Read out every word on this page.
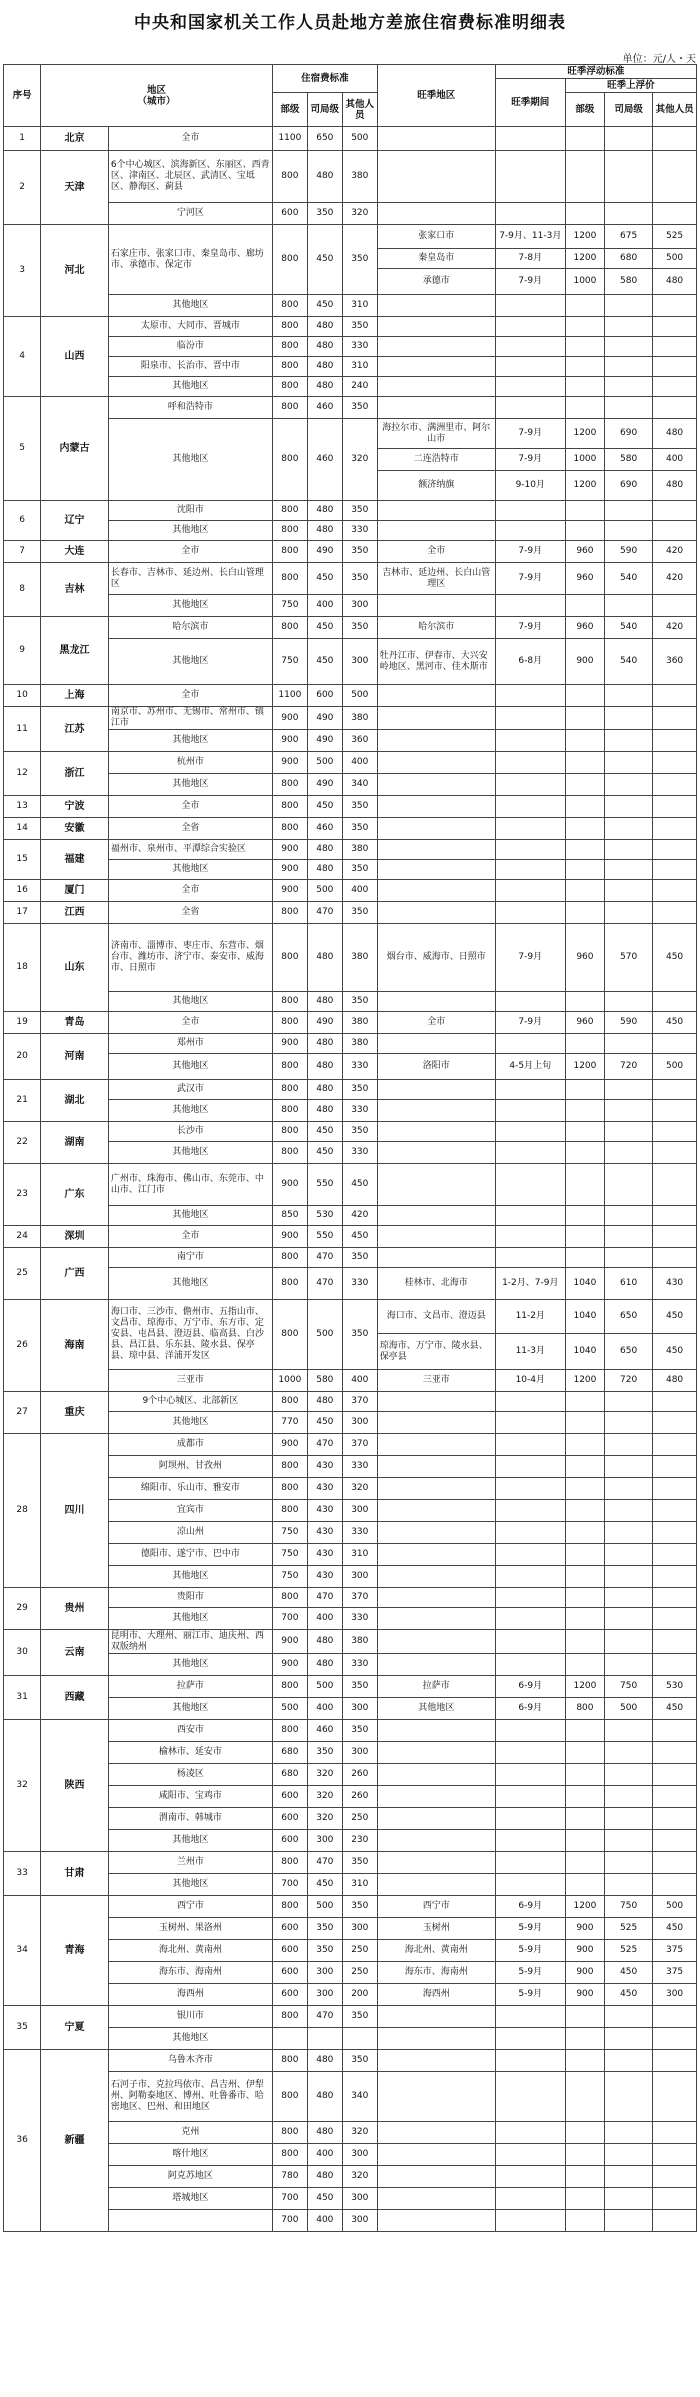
中央和国家机关工作人员赴地方差旅住宿费标准明细表
单位：元/人・天
序号	地区
（城市）		住宿费标准			旺季地区	旺季浮动标准			
							旺季期间	旺季上浮价		
			部级	司局级	其他人员			部级	司局级	其他人员
1	北京	全市	1100	650	500					
2	天津	6个中心城区、滨海新区、东丽区、西青区、津南区、北辰区、武清区、宝坻区、静海区、蓟县	800	480	380					
		宁河区	600	350	320					
3	河北	石家庄市、张家口市、秦皇岛市、廊坊市、承德市、保定市	800	450	350	张家口市	7-9月、11-3月	1200	675	525
						秦皇岛市	7-8月	1200	680	500
						承德市	7-9月	1000	580	480
		其他地区	800	450	310					
4	山西	太原市、大同市、晋城市	800	480	350					
		临汾市	800	480	330					
		阳泉市、长治市、晋中市	800	480	310					
		其他地区	800	480	240					
5	内蒙古	呼和浩特市	800	460	350					
		其他地区	800	460	320	海拉尔市、满洲里市、阿尔山市	7-9月	1200	690	480
						二连浩特市	7-9月	1000	580	400
						额济纳旗	9-10月	1200	690	480
6	辽宁	沈阳市	800	480	350					
		其他地区	800	480	330					
7	大连	全市	800	490	350	全市	7-9月	960	590	420
8	吉林	长春市、吉林市、延边州、长白山管理区	800	450	350	吉林市、延边州、长白山管理区	7-9月	960	540	420
		其他地区	750	400	300					
9	黑龙江	哈尔滨市	800	450	350	哈尔滨市	7-9月	960	540	420
		其他地区	750	450	300	牡丹江市、伊春市、大兴安岭地区、黑河市、佳木斯市	6-8月	900	540	360
10	上海	全市	1100	600	500					
11	江苏	南京市、苏州市、无锡市、常州市、镇江市	900	490	380					
		其他地区	900	490	360					
12	浙江	杭州市	900	500	400					
		其他地区	800	490	340					
13	宁波	全市	800	450	350					
14	安徽	全省	800	460	350					
15	福建	福州市、泉州市、平潭综合实验区	900	480	380					
		其他地区	900	480	350					
16	厦门	全市	900	500	400					
17	江西	全省	800	470	350					
18	山东	济南市、淄博市、枣庄市、东营市、烟台市、潍坊市、济宁市、泰安市、威海市、日照市	800	480	380	烟台市、威海市、日照市	7-9月	960	570	450
		其他地区	800	480	350					
19	青岛	全市	800	490	380	全市	7-9月	960	590	450
20	河南	郑州市	900	480	380					
		其他地区	800	480	330	洛阳市	4-5月上旬	1200	720	500
21	湖北	武汉市	800	480	350					
		其他地区	800	480	330					
22	湖南	长沙市	800	450	350					
		其他地区	800	450	330					
23	广东	广州市、珠海市、佛山市、东莞市、中山市、江门市	900	550	450					
		其他地区	850	530	420					
24	深圳	全市	900	550	450					
25	广西	南宁市	800	470	350					
		其他地区	800	470	330	桂林市、北海市	1-2月、7-9月	1040	610	430
26	海南	海口市、三沙市、儋州市、五指山市、文昌市、琼海市、万宁市、东方市、定安县、屯昌县、澄迈县、临高县、白沙县、昌江县、乐东县、陵水县、保亭县、琼中县、洋浦开发区	800	500	350	海口市、文昌市、澄迈县	11-2月	1040	650	450
						琼海市、万宁市、陵水县、保亭县	11-3月	1040	650	450
		三亚市	1000	580	400	三亚市	10-4月	1200	720	480
27	重庆	9个中心城区、北部新区	800	480	370					
		其他地区	770	450	300					
28	四川	成都市	900	470	370					
		阿坝州、甘孜州	800	430	330					
		绵阳市、乐山市、雅安市	800	430	320					
		宜宾市	800	430	300					
		凉山州	750	430	330					
		德阳市、遂宁市、巴中市	750	430	310					
		其他地区	750	430	300					
29	贵州	贵阳市	800	470	370					
		其他地区	700	400	330					
30	云南	昆明市、大理州、丽江市、迪庆州、西双版纳州	900	480	380					
		其他地区	900	480	330					
31	西藏	拉萨市	800	500	350	拉萨市	6-9月	1200	750	530
		其他地区	500	400	300	其他地区	6-9月	800	500	450
32	陕西	西安市	800	460	350					
		榆林市、延安市	680	350	300					
		杨凌区	680	320	260					
		咸阳市、宝鸡市	600	320	260					
		渭南市、韩城市	600	320	250					
		其他地区	600	300	230					
33	甘肃	兰州市	800	470	350					
		其他地区	700	450	310					
34	青海	西宁市	800	500	350	西宁市	6-9月	1200	750	500
		玉树州、果洛州	600	350	300	玉树州	5-9月	900	525	450
		海北州、黄南州	600	350	250	海北州、黄南州	5-9月	900	525	375
		海东市、海南州	600	300	250	海东市、海南州	5-9月	900	450	375
		海西州	600	300	200	海西州	5-9月	900	450	300
35	宁夏	银川市	800	470	350					
		其他地区								
36	新疆	乌鲁木齐市	800	480	350					
		石河子市、克拉玛依市、昌吉州、伊犁州、阿勒泰地区、博州、吐鲁番市、哈密地区、巴州、和田地区	800	480	340					
		克州	800	480	320					
		喀什地区	800	400	300					
		阿克苏地区	780	480	320					
		塔城地区	700	450	300					
			700	400	300					
